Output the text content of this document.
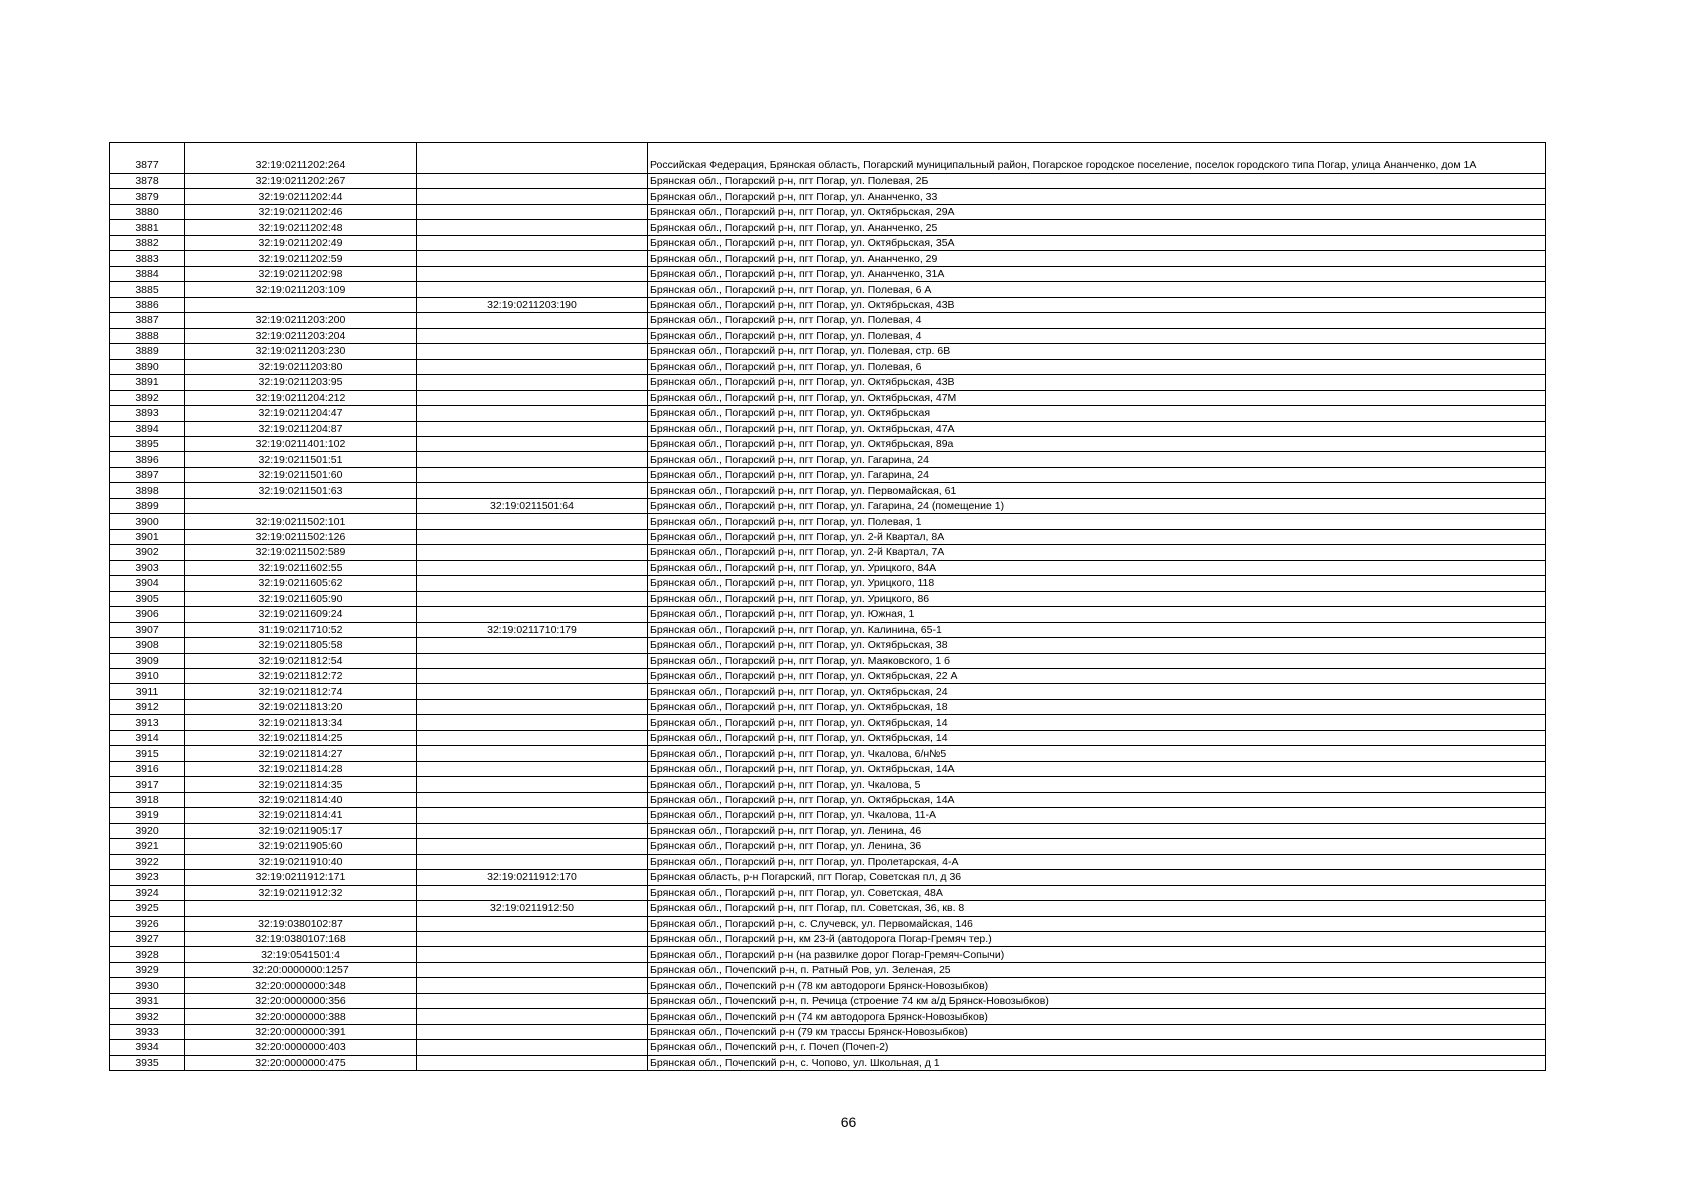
3877	32:19:0211202:264		Российская Федерация, Брянская область, Погарский муниципальный район, Погарское городское поселение, поселок городского типа Погар, улица Ананченко, дом 1А
3878	32:19:0211202:267		Брянская обл., Погарский р-н, пгт Погар, ул. Полевая, 2Б
3879	32:19:0211202:44		Брянская обл., Погарский р-н, пгт Погар, ул. Ананченко, 33
3880	32:19:0211202:46		Брянская обл., Погарский р-н, пгт Погар, ул. Октябрьская, 29А
3881	32:19:0211202:48		Брянская обл., Погарский р-н, пгт Погар, ул. Ананченко, 25
3882	32:19:0211202:49		Брянская обл., Погарский р-н, пгт Погар, ул. Октябрьская, 35А
3883	32:19:0211202:59		Брянская обл., Погарский р-н, пгт Погар, ул. Ананченко, 29
3884	32:19:0211202:98		Брянская обл., Погарский р-н, пгт Погар, ул. Ананченко, 31А
3885	32:19:0211203:109		Брянская обл., Погарский р-н, пгт Погар, ул. Полевая, 6 А
3886		32:19:0211203:190	Брянская обл., Погарский р-н, пгт Погар, ул. Октябрьская, 43В
3887	32:19:0211203:200		Брянская обл., Погарский р-н, пгт Погар, ул. Полевая, 4
3888	32:19:0211203:204		Брянская обл., Погарский р-н, пгт Погар, ул. Полевая, 4
3889	32:19:0211203:230		Брянская обл., Погарский р-н, пгт Погар, ул. Полевая, стр. 6В
3890	32:19:0211203:80		Брянская обл., Погарский р-н, пгт Погар, ул. Полевая, 6
3891	32:19:0211203:95		Брянская обл., Погарский р-н, пгт Погар, ул. Октябрьская, 43В
3892	32:19:0211204:212		Брянская обл., Погарский р-н, пгт Погар, ул. Октябрьская, 47М
3893	32:19:0211204:47		Брянская обл., Погарский р-н, пгт Погар, ул. Октябрьская
3894	32:19:0211204:87		Брянская обл., Погарский р-н, пгт Погар, ул. Октябрьская, 47А
3895	32:19:0211401:102		Брянская обл., Погарский р-н, пгт Погар, ул. Октябрьская, 89а
3896	32:19:0211501:51		Брянская обл., Погарский р-н, пгт Погар, ул. Гагарина, 24
3897	32:19:0211501:60		Брянская обл., Погарский р-н, пгт Погар, ул. Гагарина, 24
3898	32:19:0211501:63		Брянская обл., Погарский р-н, пгт Погар, ул. Первомайская, 61
3899		32:19:0211501:64	Брянская обл., Погарский р-н, пгт Погар, ул. Гагарина, 24 (помещение 1)
3900	32:19:0211502:101		Брянская обл., Погарский р-н, пгт Погар, ул. Полевая, 1
3901	32:19:0211502:126		Брянская обл., Погарский р-н, пгт Погар, ул. 2-й Квартал, 8А
3902	32:19:0211502:589		Брянская обл., Погарский р-н, пгт Погар, ул. 2-й Квартал, 7А
3903	32:19:0211602:55		Брянская обл., Погарский р-н, пгт Погар, ул. Урицкого, 84А
3904	32:19:0211605:62		Брянская обл., Погарский р-н, пгт Погар, ул. Урицкого, 118
3905	32:19:0211605:90		Брянская обл., Погарский р-н, пгт Погар, ул. Урицкого, 86
3906	32:19:0211609:24		Брянская обл., Погарский р-н, пгт Погар, ул. Южная, 1
3907	31:19:0211710:52	32:19:0211710:179	Брянская обл., Погарский р-н, пгт Погар, ул. Калинина, 65-1
3908	32:19:0211805:58		Брянская обл., Погарский р-н, пгт Погар, ул. Октябрьская, 38
3909	32:19:0211812:54		Брянская обл., Погарский р-н, пгт Погар, ул. Маяковского, 1 б
3910	32:19:0211812:72		Брянская обл., Погарский р-н, пгт Погар, ул. Октябрьская, 22 А
3911	32:19:0211812:74		Брянская обл., Погарский р-н, пгт Погар, ул. Октябрьская, 24
3912	32:19:0211813:20		Брянская обл., Погарский р-н, пгт Погар, ул. Октябрьская, 18
3913	32:19:0211813:34		Брянская обл., Погарский р-н, пгт Погар, ул. Октябрьская, 14
3914	32:19:0211814:25		Брянская обл., Погарский р-н, пгт Погар, ул. Октябрьская, 14
3915	32:19:0211814:27		Брянская обл., Погарский р-н, пгт Погар, ул. Чкалова, 6/н№5
3916	32:19:0211814:28		Брянская обл., Погарский р-н, пгт Погар, ул. Октябрьская, 14А
3917	32:19:0211814:35		Брянская обл., Погарский р-н, пгт Погар, ул. Чкалова, 5
3918	32:19:0211814:40		Брянская обл., Погарский р-н, пгт Погар, ул. Октябрьская, 14А
3919	32:19:0211814:41		Брянская обл., Погарский р-н, пгт Погар, ул. Чкалова, 11-А
3920	32:19:0211905:17		Брянская обл., Погарский р-н, пгт Погар, ул. Ленина, 46
3921	32:19:0211905:60		Брянская обл., Погарский р-н, пгт Погар, ул. Ленина, 36
3922	32:19:0211910:40		Брянская обл., Погарский р-н, пгт Погар, ул. Пролетарская, 4-А
3923	32:19:0211912:171	32:19:0211912:170	Брянская область, р-н Погарский, пгт Погар, Советская пл, д 36
3924	32:19:0211912:32		Брянская обл., Погарский р-н, пгт Погар, ул. Советская, 48А
3925		32:19:0211912:50	Брянская обл., Погарский р-н, пгт Погар, пл. Советская, 36, кв. 8
3926	32:19:0380102:87		Брянская обл., Погарский р-н, с. Случевск, ул. Первомайская, 146
3927	32:19:0380107:168		Брянская обл., Погарский р-н, км 23-й (автодорога Погар-Гремяч тер.)
3928	32:19:0541501:4		Брянская обл., Погарский р-н (на развилке дорог Погар-Гремяч-Сопычи)
3929	32:20:0000000:1257		Брянская обл., Почепский р-н, п. Ратный Ров, ул. Зеленая, 25
3930	32:20:0000000:348		Брянская обл., Почепский р-н (78 км автодороги Брянск-Новозыбков)
3931	32:20:0000000:356		Брянская обл., Почепский р-н, п. Речица (строение 74 км а/д Брянск-Новозыбков)
3932	32:20:0000000:388		Брянская обл., Почепский р-н (74 км автодорога Брянск-Новозыбков)
3933	32:20:0000000:391		Брянская обл., Почепский р-н (79 км трассы Брянск-Новозыбков)
3934	32:20:0000000:403		Брянская обл., Почепский р-н, г. Почеп (Почеп-2)
3935	32:20:0000000:475		Брянская обл., Почепский р-н, с. Чопово, ул. Школьная, д 1
66
